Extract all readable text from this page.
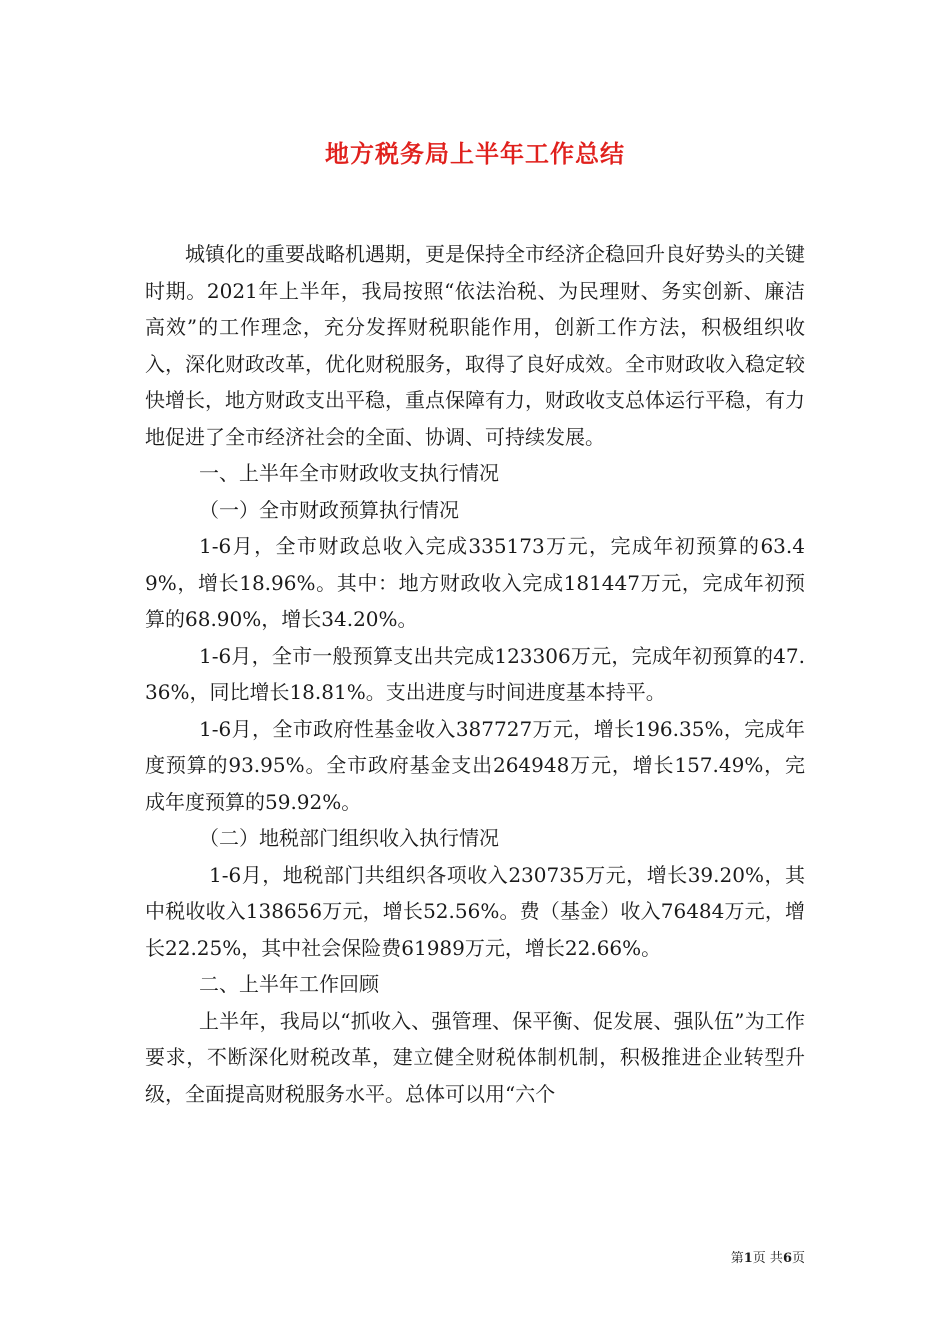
地方税务局上半年工作总结

城镇化的重要战略机遇期，更是保持全市经济企稳回升良好势头的关键时期。2021年上半年，我局按照“依法治税、为民理财、务实创新、廉洁高效”的工作理念，充分发挥财税职能作用，创新工作方法，积极组织收入，深化财政改革，优化财税服务，取得了良好成效。全市财政收入稳定较快增长，地方财政支出平稳，重点保障有力，财政收支总体运行平稳，有力地促进了全市经济社会的全面、协调、可持续发展。

一、上半年全市财政收支执行情况

（一）全市财政预算执行情况

1-6月，全市财政总收入完成335173万元，完成年初预算的63.49%，增长18.96%。其中：地方财政收入完成181447万元，完成年初预算的68.90%，增长34.20%。

1-6月，全市一般预算支出共完成123306万元，完成年初预算的47.36%，同比增长18.81%。支出进度与时间进度基本持平。

1-6月，全市政府性基金收入387727万元，增长196.35%，完成年度预算的93.95%。全市政府基金支出264948万元，增长157.49%，完成年度预算的59.92%。

（二）地税部门组织收入执行情况

1-6月，地税部门共组织各项收入230735万元，增长39.20%，其中税收收入138656万元，增长52.56%。费（基金）收入76484万元，增长22.25%，其中社会保险费61989万元，增长22.66%。

二、上半年工作回顾

上半年，我局以“抓收入、强管理、保平衡、促发展、强队伍”为工作要求，不断深化财税改革，建立健全财税体制机制，积极推进企业转型升级，全面提高财税服务水平。总体可以用“六个

第1页 共6页
